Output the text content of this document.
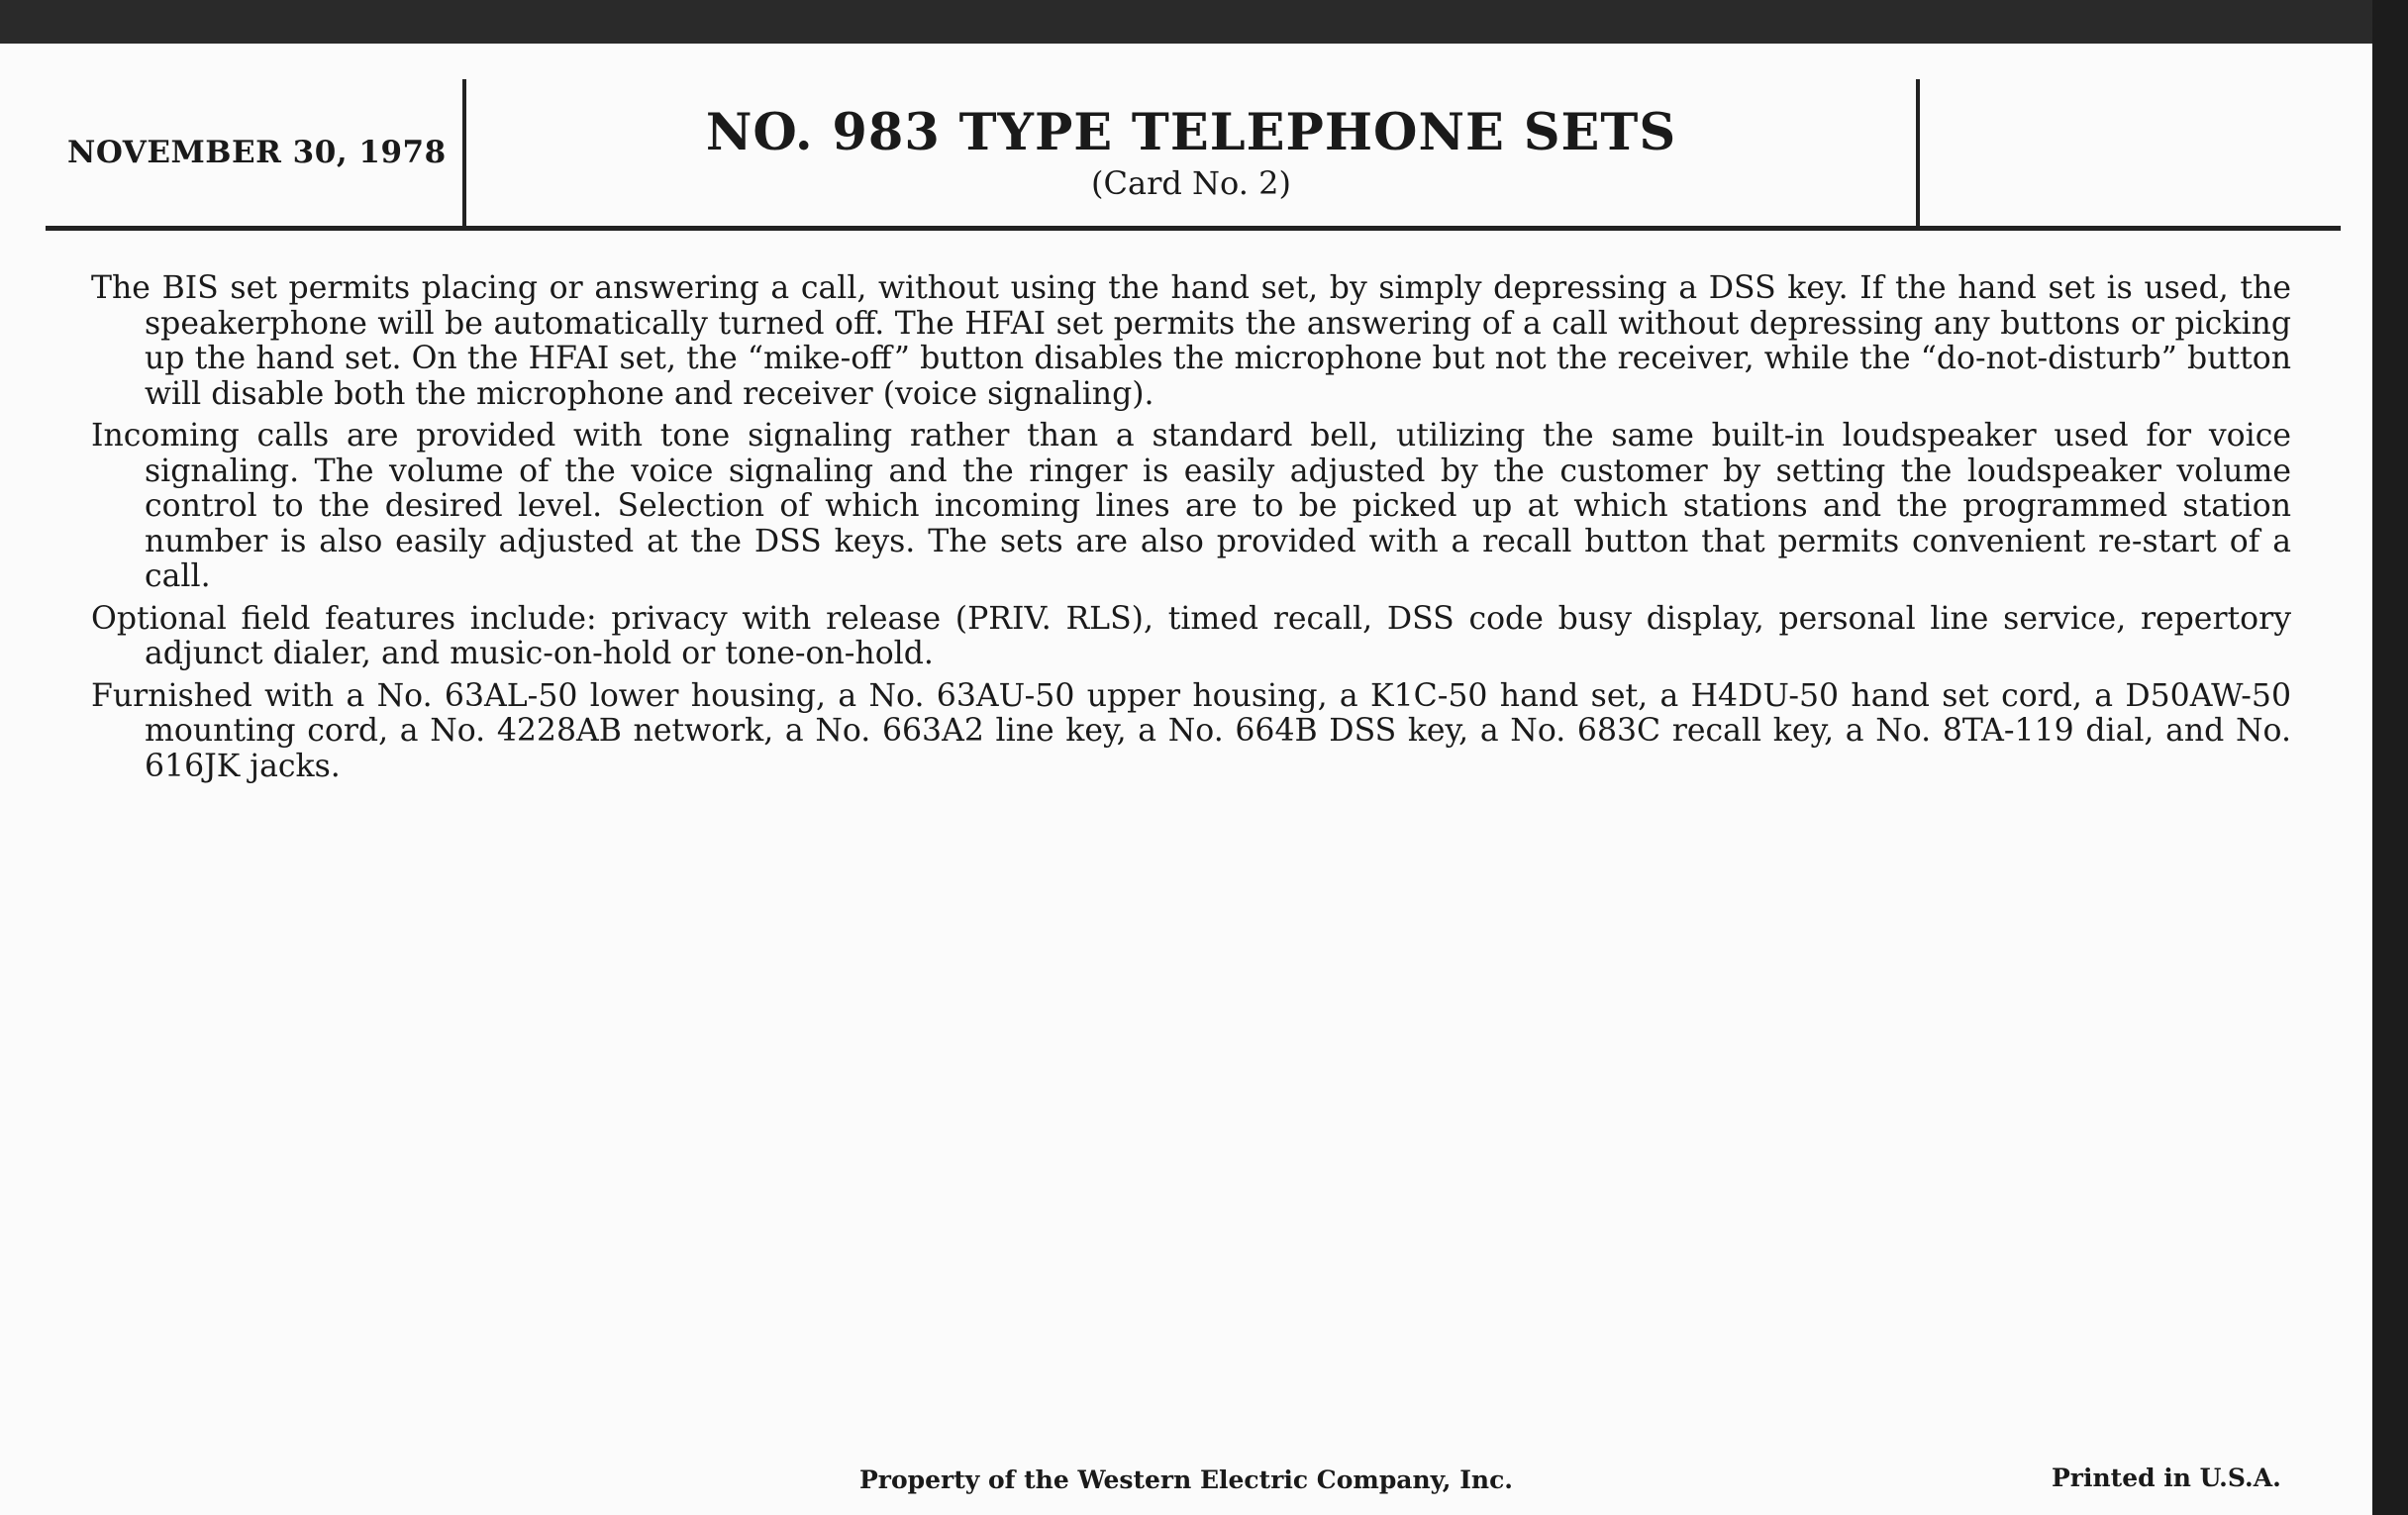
NOVEMBER 30, 1978	NO. 983 TYPE TELEPHONE SETS
(Card No. 2)

The BIS set permits placing or answering a call, without using the hand set, by simply depressing a DSS key. If the hand set is used, the speakerphone will be automatically turned off. The HFAI set permits the answering of a call without depressing any buttons or picking up the hand set. On the HFAI set, the “mike-off” button disables the microphone but not the receiver, while the “do-not-disturb” button will disable both the microphone and receiver (voice signaling).

Incoming calls are provided with tone signaling rather than a standard bell, utilizing the same built-in loudspeaker used for voice signaling. The volume of the voice signaling and the ringer is easily adjusted by the customer by setting the loudspeaker volume control to the desired level. Selection of which incoming lines are to be picked up at which stations and the programmed station number is also easily adjusted at the DSS keys. The sets are also provided with a recall button that permits convenient re-start of a call.

Optional field features include: privacy with release (PRIV. RLS), timed recall, DSS code busy display, personal line service, repertory adjunct dialer, and music-on-hold or tone-on-hold.

Furnished with a No. 63AL-50 lower housing, a No. 63AU-50 upper housing, a K1C-50 hand set, a H4DU-50 hand set cord, a D50AW-50 mounting cord, a No. 4228AB network, a No. 663A2 line key, a No. 664B DSS key, a No. 683C recall key, a No. 8TA-119 dial, and No. 616JK jacks.

Property of the Western Electric Company, Inc.	Printed in U.S.A.
